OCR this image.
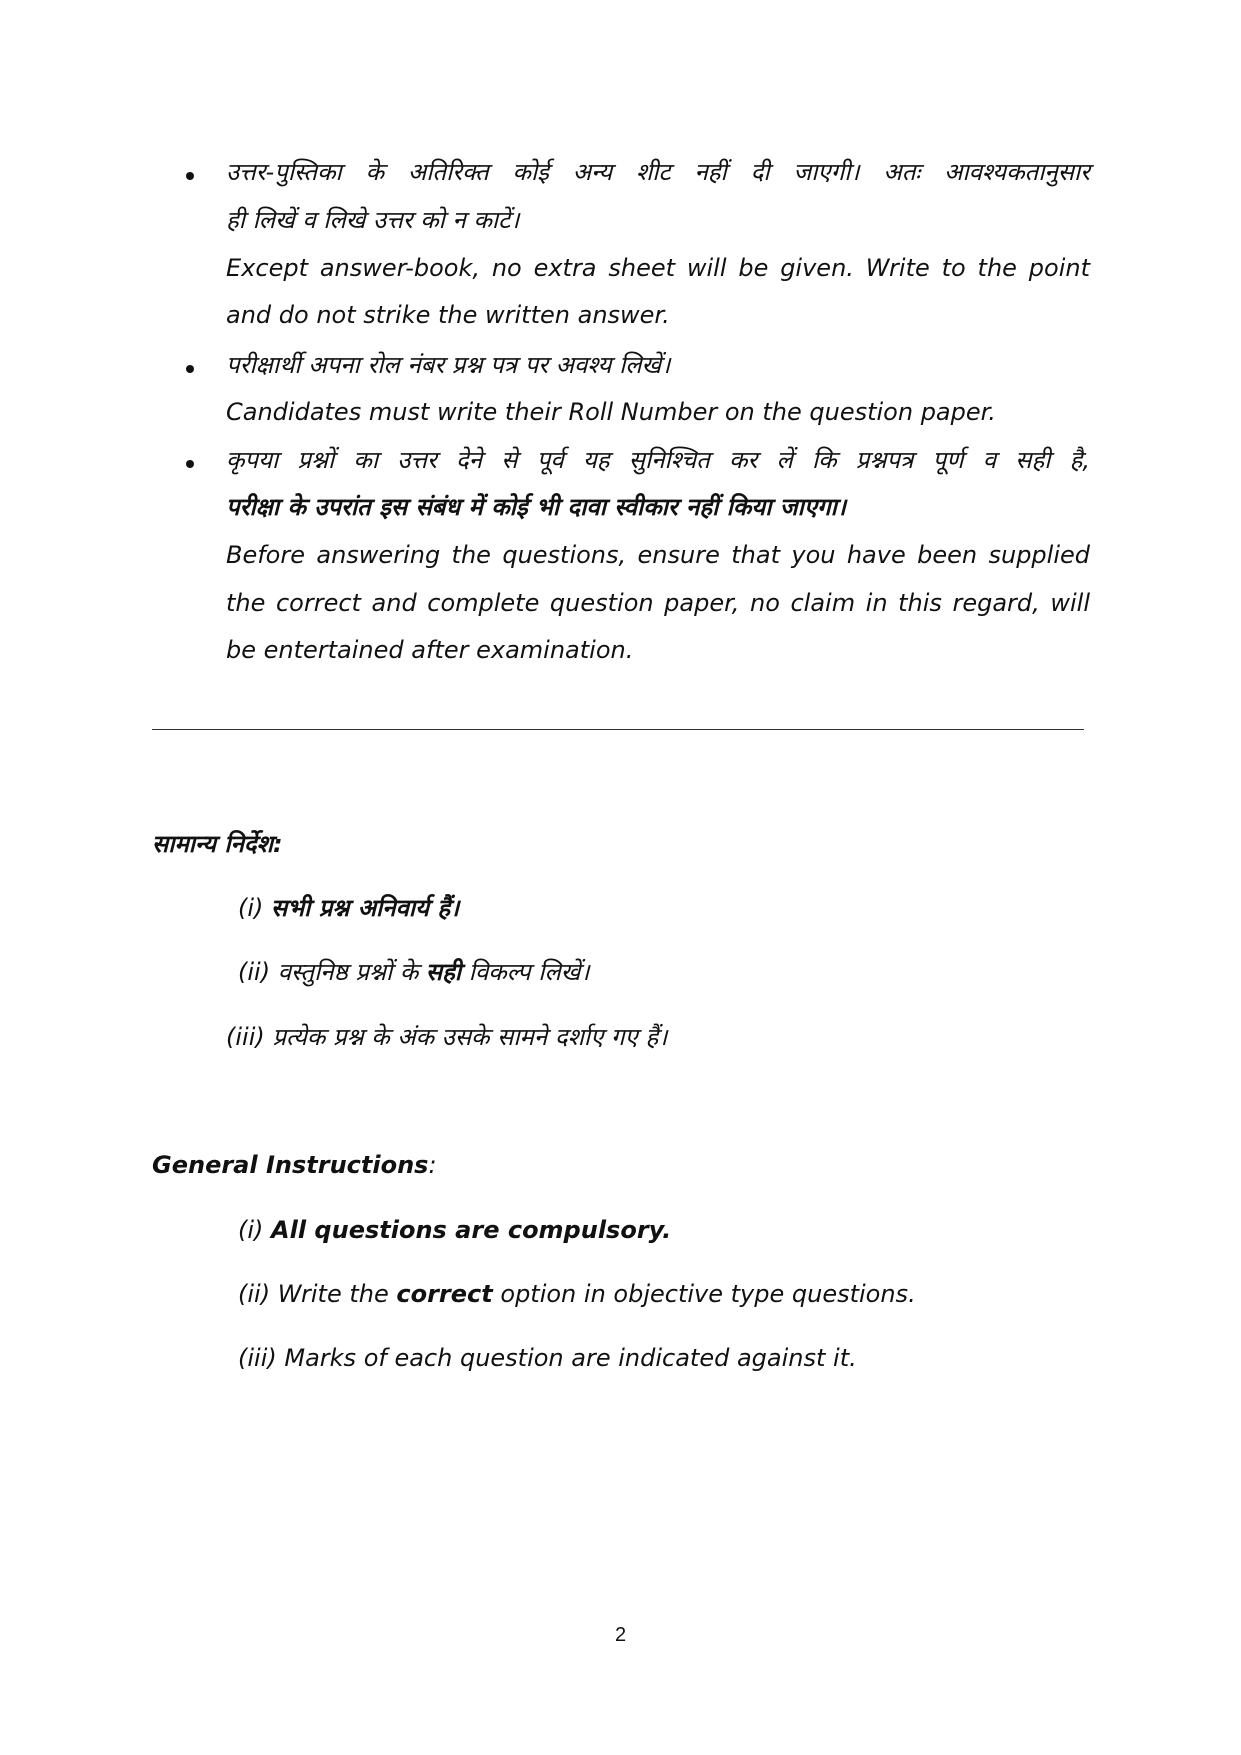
उत्तर-पुस्तिका के अतिरिक्त कोई अन्य शीट नहीं दी जाएगी। अतः आवश्यकतानुसार
ही लिखें व लिखे उत्तर को न काटें।
Except answer-book, no extra sheet will be given. Write to the point
and do not strike the written answer.
परीक्षार्थी अपना रोल नंबर प्रश्न पत्र पर अवश्य लिखें।
Candidates must write their Roll Number on the question paper.
कृपया प्रश्नों का उत्तर देने से पूर्व यह सुनिश्चित कर लें कि प्रश्नपत्र पूर्ण व सही है,
परीक्षा के उपरांत इस संबंध में कोई भी दावा स्वीकार नहीं किया जाएगा।
Before answering the questions, ensure that you have been supplied
the correct and complete question paper, no claim in this regard, will
be entertained after examination.
सामान्य निर्देश:
(i) सभी प्रश्न अनिवार्य हैं।
(ii) वस्तुनिष्ठ प्रश्नों के सही विकल्प लिखें।
(iii) प्रत्येक प्रश्न के अंक उसके सामने दर्शाए गए हैं।
General Instructions:
(i) All questions are compulsory.
(ii) Write the correct option in objective type questions.
(iii) Marks of each question are indicated against it.
2
